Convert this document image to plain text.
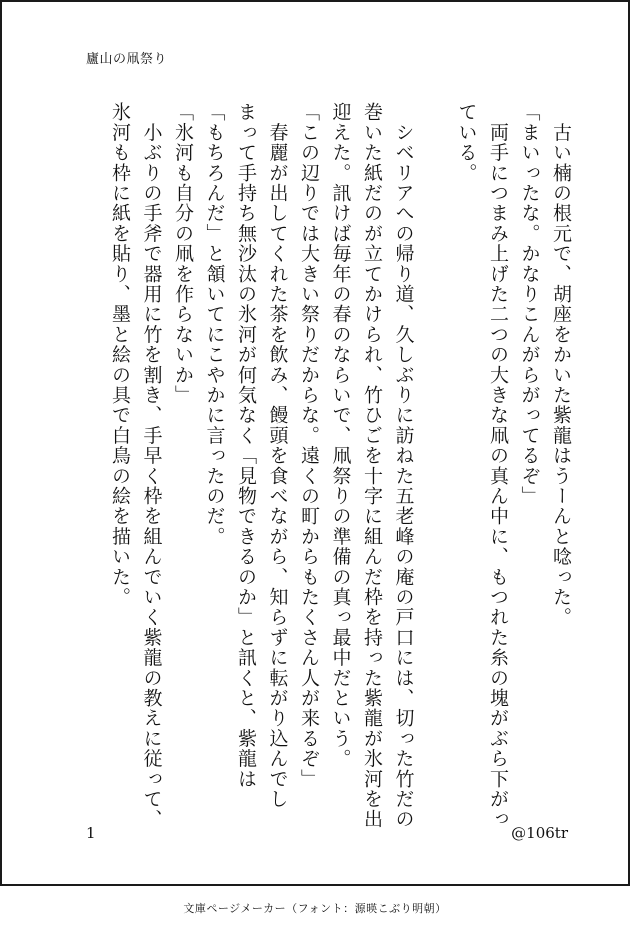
廬山の凧祭り

　古い楠の根元で、胡座をかいた紫龍はうーんと唸った。

「まいったな。かなりこんがらがってるぞ」

　両手につまみ上げた二つの大きな凧の真ん中に、もつれた糸の塊がぶら下がっ

ている。

　シベリアへの帰り道、久しぶりに訪ねた五老峰の庵の戸口には、切った竹だの

巻いた紙だのが立てかけられ、竹ひごを十字に組んだ枠を持った紫龍が氷河を出

迎えた。訊けば毎年の春のならいで、凧祭りの準備の真っ最中だという。

「この辺りでは大きい祭りだからな。遠くの町からもたくさん人が来るぞ」

　春麗が出してくれた茶を飲み、饅頭を食べながら、知らずに転がり込んでし

まって手持ち無沙汰の氷河が何気なく「見物できるのか」と訊くと、紫龍は

「もちろんだ」と頷いてにこやかに言ったのだ。

「氷河も自分の凧を作らないか」

　小ぶりの手斧で器用に竹を割き、手早く枠を組んでいく紫龍の教えに従って、

氷河も枠に紙を貼り、墨と絵の具で白鳥の絵を描いた。

1	@106tr
文庫ページメーカー（フォント：源暎こぶり明朝）
